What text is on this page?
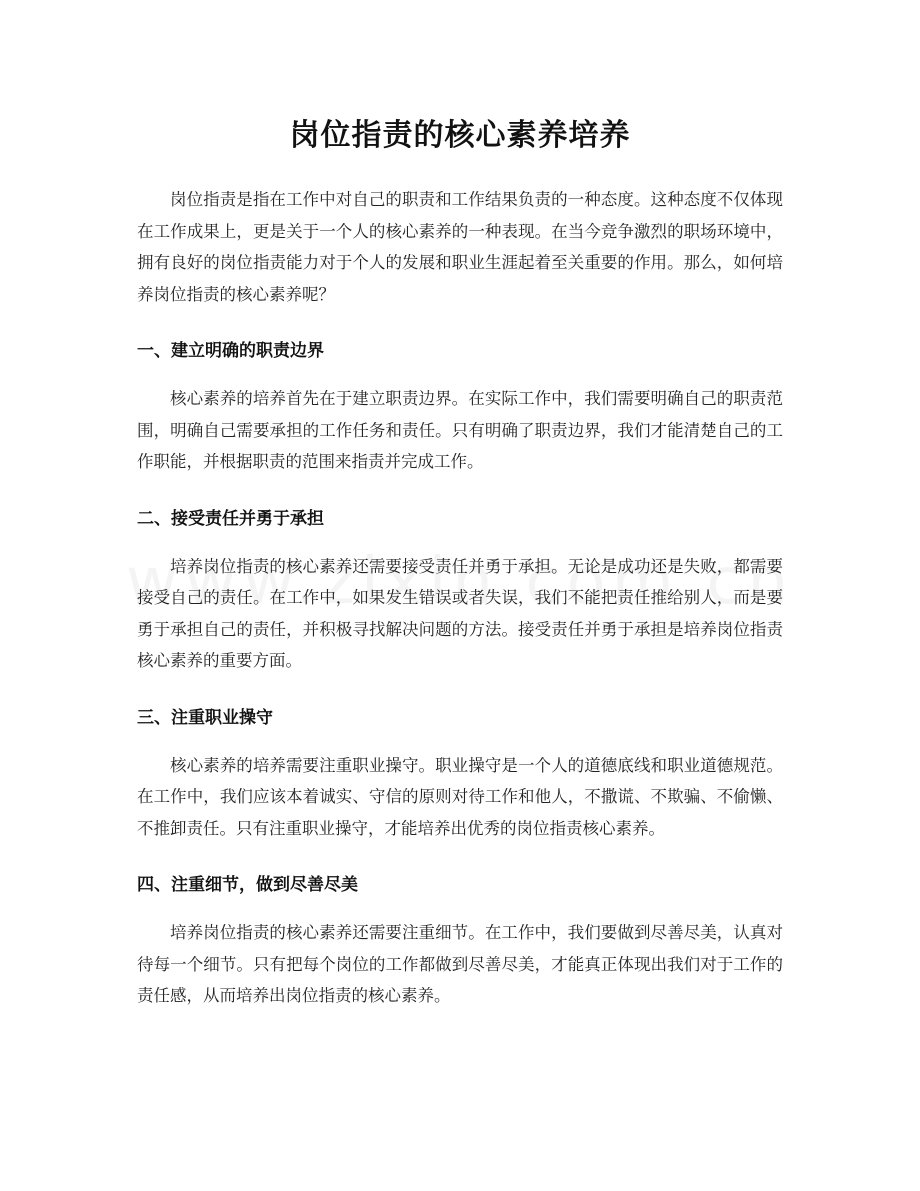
岗位指责的核心素养培养

岗位指责是指在工作中对自己的职责和工作结果负责的一种态度。这种态度不仅体现在工作成果上，更是关于一个人的核心素养的一种表现。在当今竞争激烈的职场环境中，拥有良好的岗位指责能力对于个人的发展和职业生涯起着至关重要的作用。那么，如何培养岗位指责的核心素养呢？

一、建立明确的职责边界

核心素养的培养首先在于建立职责边界。在实际工作中，我们需要明确自己的职责范围，明确自己需要承担的工作任务和责任。只有明确了职责边界，我们才能清楚自己的工作职能，并根据职责的范围来指责并完成工作。

二、接受责任并勇于承担

培养岗位指责的核心素养还需要接受责任并勇于承担。无论是成功还是失败，都需要接受自己的责任。在工作中，如果发生错误或者失误，我们不能把责任推给别人，而是要勇于承担自己的责任，并积极寻找解决问题的方法。接受责任并勇于承担是培养岗位指责核心素养的重要方面。

三、注重职业操守

核心素养的培养需要注重职业操守。职业操守是一个人的道德底线和职业道德规范。在工作中，我们应该本着诚实、守信的原则对待工作和他人，不撒谎、不欺骗、不偷懒、不推卸责任。只有注重职业操守，才能培养出优秀的岗位指责核心素养。

四、注重细节，做到尽善尽美

培养岗位指责的核心素养还需要注重细节。在工作中，我们要做到尽善尽美，认真对待每一个细节。只有把每个岗位的工作都做到尽善尽美，才能真正体现出我们对于工作的责任感，从而培养出岗位指责的核心素养。
